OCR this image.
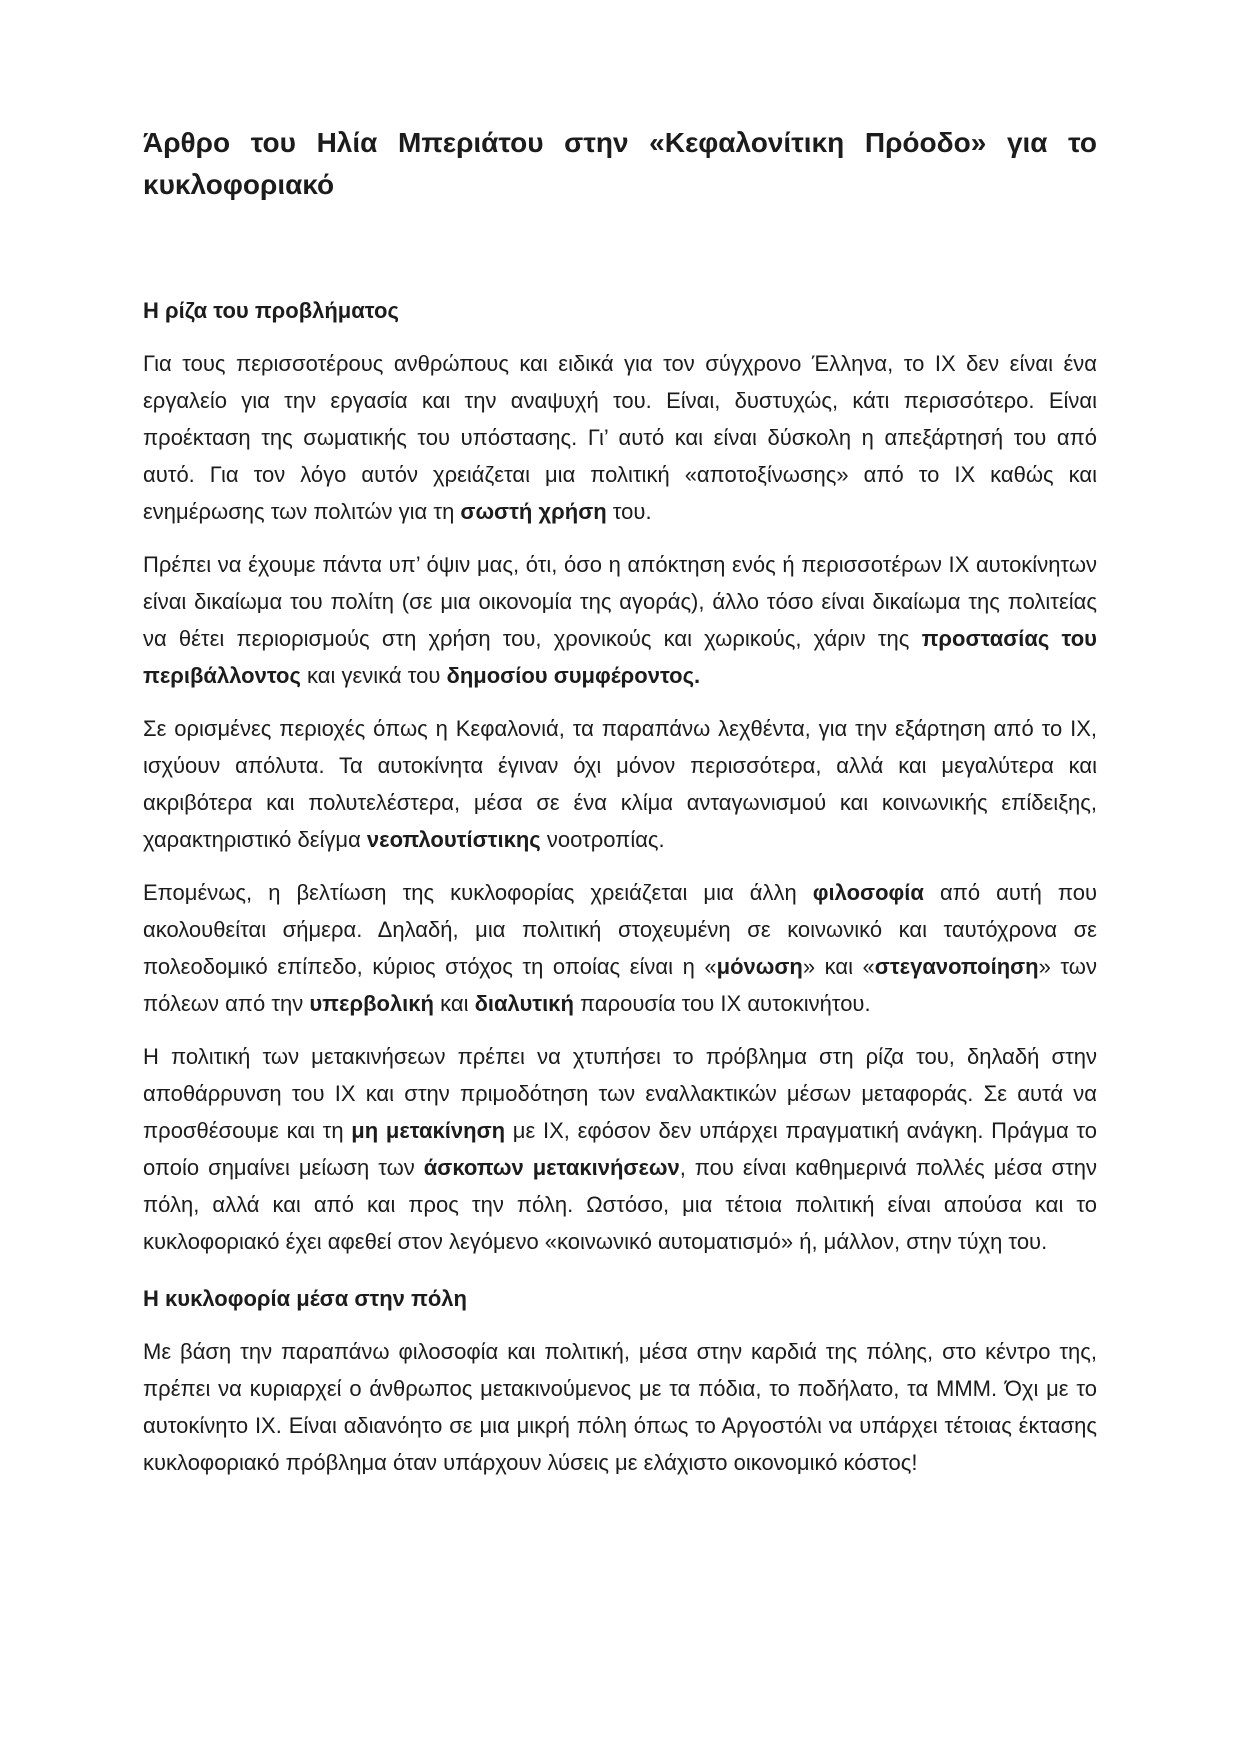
Άρθρο του Ηλία Μπεριάτου στην «Κεφαλονίτικη Πρόοδο» για το
κυκλοφοριακό
Η ρίζα του προβλήματος

Για τους περισσοτέρους ανθρώπους και ειδικά για τον σύγχρονο Έλληνα, το ΙΧ δεν είναι ένα εργαλείο για την εργασία και την αναψυχή του. Είναι, δυστυχώς, κάτι περισσότερο. Είναι προέκταση της σωματικής του υπόστασης. Γι’ αυτό και είναι δύσκολη η απεξάρτησή του από αυτό. Για τον λόγο αυτόν χρειάζεται μια πολιτική «αποτοξίνωσης» από το ΙΧ καθώς και ενημέρωσης των πολιτών για τη σωστή χρήση του.

Πρέπει να έχουμε πάντα υπ’ όψιν μας, ότι, όσο η απόκτηση ενός ή περισσοτέρων ΙΧ αυτοκίνητων είναι δικαίωμα του πολίτη (σε μια οικονομία της αγοράς), άλλο τόσο είναι δικαίωμα της πολιτείας να θέτει περιορισμούς στη χρήση του, χρονικούς και χωρικούς, χάριν της προστασίας του περιβάλλοντος και γενικά του δημοσίου συμφέροντος.

Σε ορισμένες περιοχές όπως η Κεφαλονιά, τα παραπάνω λεχθέντα, για την εξάρτηση από το ΙΧ, ισχύουν απόλυτα. Τα αυτοκίνητα έγιναν όχι μόνον περισσότερα, αλλά και μεγαλύτερα και ακριβότερα και πολυτελέστερα, μέσα σε ένα κλίμα ανταγωνισμού και κοινωνικής επίδειξης, χαρακτηριστικό δείγμα νεοπλουτίστικης νοοτροπίας.

Επομένως, η βελτίωση της κυκλοφορίας χρειάζεται μια άλλη φιλοσοφία από αυτή που ακολουθείται σήμερα. Δηλαδή, μια πολιτική στοχευμένη σε κοινωνικό και ταυτόχρονα σε πολεοδομικό επίπεδο, κύριος στόχος τη οποίας είναι η «μόνωση» και «στεγανοποίηση» των πόλεων από την υπερβολική και διαλυτική παρουσία του ΙΧ αυτοκινήτου.

Η πολιτική των μετακινήσεων πρέπει να χτυπήσει το πρόβλημα στη ρίζα του, δηλαδή στην αποθάρρυνση του ΙΧ και στην πριμοδότηση των εναλλακτικών μέσων μεταφοράς. Σε αυτά να προσθέσουμε και τη μη μετακίνηση με ΙΧ, εφόσον δεν υπάρχει πραγματική ανάγκη. Πράγμα το οποίο σημαίνει μείωση των άσκοπων μετακινήσεων, που είναι καθημερινά πολλές μέσα στην πόλη, αλλά και από και προς την πόλη. Ωστόσο, μια τέτοια πολιτική είναι απούσα και το κυκλοφοριακό έχει αφεθεί στον λεγόμενο «κοινωνικό αυτοματισμό» ή, μάλλον, στην τύχη του.

Η κυκλοφορία μέσα στην πόλη

Με βάση την παραπάνω φιλοσοφία και πολιτική, μέσα στην καρδιά της πόλης, στο κέντρο της, πρέπει να κυριαρχεί ο άνθρωπος μετακινούμενος με τα πόδια, το ποδήλατο, τα ΜΜΜ. Όχι με το αυτοκίνητο ΙΧ. Είναι αδιανόητο σε μια μικρή πόλη όπως το Αργοστόλι να υπάρχει τέτοιας έκτασης κυκλοφοριακό πρόβλημα όταν υπάρχουν λύσεις με ελάχιστο οικονομικό κόστος!
